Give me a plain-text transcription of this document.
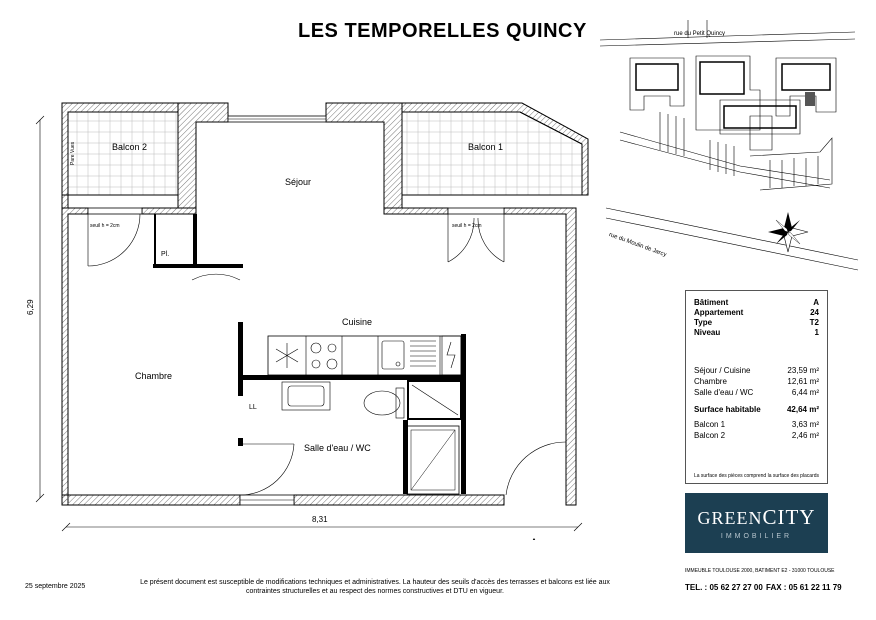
LES TEMPORELLES QUINCY
Balcon 2	Balcon 1
Séjour
Cuisine
Chambre
Salle d'eau / WC
Pl.
LL
seuil h = 2cm	seuil h = 2cm
Pare Vues
6,29
8,31
rue du Petit Quincy
rue du Moulin de Jarcy
Bâtiment	A
Appartement	24
Type	T2
Niveau	1
Séjour / Cuisine	23,59 m²
Chambre	12,61 m²
Salle d'eau / WC	6,44 m²
Surface habitable	42,64 m²
Balcon 1	3,63 m²
Balcon 2	2,46 m²
La surface des pièces comprend la surface des placards
GREENCITY
IMMOBILIER
IMMEUBLE TOULOUSE 2000, BATIMENT E2 - 31000 TOULOUSE
TEL. : 05 62 27 27 00 FAX : 05 61 22 11 79
25 septembre 2025
Le présent document est susceptible de modifications techniques et administratives. La hauteur des seuils d'accès des terrasses et balcons est liée aux
contraintes structurelles et au respect des normes constructives et DTU en vigueur.
